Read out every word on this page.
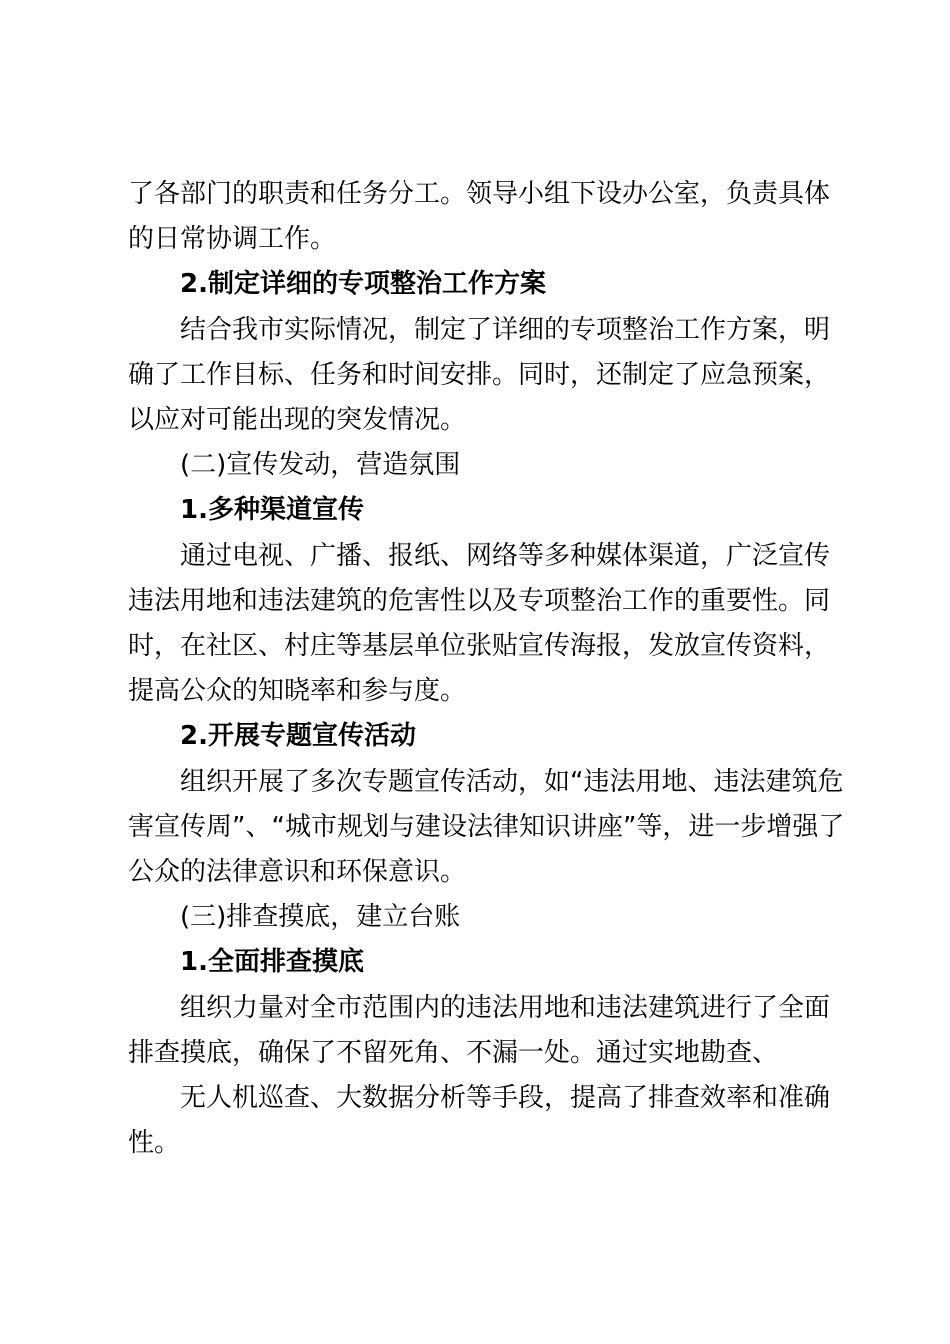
了各部门的职责和任务分工。领导小组下设办公室，负责具体
的日常协调工作。

2.制定详细的专项整治工作方案

结合我市实际情况，制定了详细的专项整治工作方案，明
确了工作目标、任务和时间安排。同时，还制定了应急预案，
以应对可能出现的突发情况。

(二)宣传发动，营造氛围

1.多种渠道宣传

通过电视、广播、报纸、网络等多种媒体渠道，广泛宣传
违法用地和违法建筑的危害性以及专项整治工作的重要性。同
时，在社区、村庄等基层单位张贴宣传海报，发放宣传资料，
提高公众的知晓率和参与度。

2.开展专题宣传活动

组织开展了多次专题宣传活动，如“违法用地、违法建筑危
害宣传周”、“城市规划与建设法律知识讲座”等，进一步增强了
公众的法律意识和环保意识。

(三)排查摸底，建立台账

1.全面排查摸底

组织力量对全市范围内的违法用地和违法建筑进行了全面
排查摸底，确保了不留死角、不漏一处。通过实地勘查、

无人机巡查、大数据分析等手段，提高了排查效率和准确
性。
